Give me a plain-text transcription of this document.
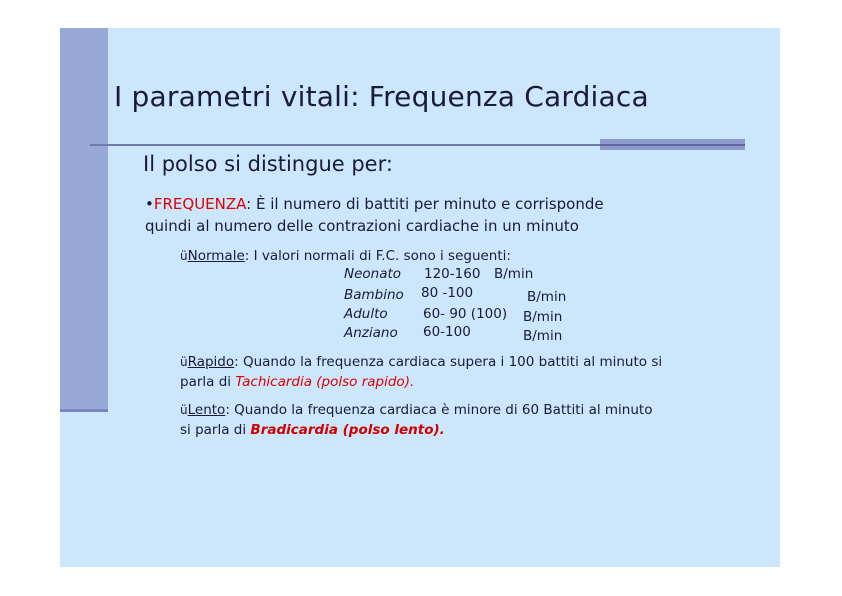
I parametri vitali: Frequenza Cardiaca
Il polso si distingue per:
•FREQUENZA: È il numero di battiti per minuto e corrisponde
quindi al numero delle contrazioni cardiache in un minuto
üNormale: I valori normali di F.C. sono i seguenti:
Neonato 120-160 B/min
Bambino 80 -100	B/min
Adulto	60- 90 (100) B/min
Anziano 60-100	B/min
üRapido: Quando la frequenza cardiaca supera i 100 battiti al minuto si
parla di Tachicardia (polso rapido).
üLento: Quando la frequenza cardiaca è minore di 60 Battiti al minuto
si parla di Bradicardia (polso lento).
